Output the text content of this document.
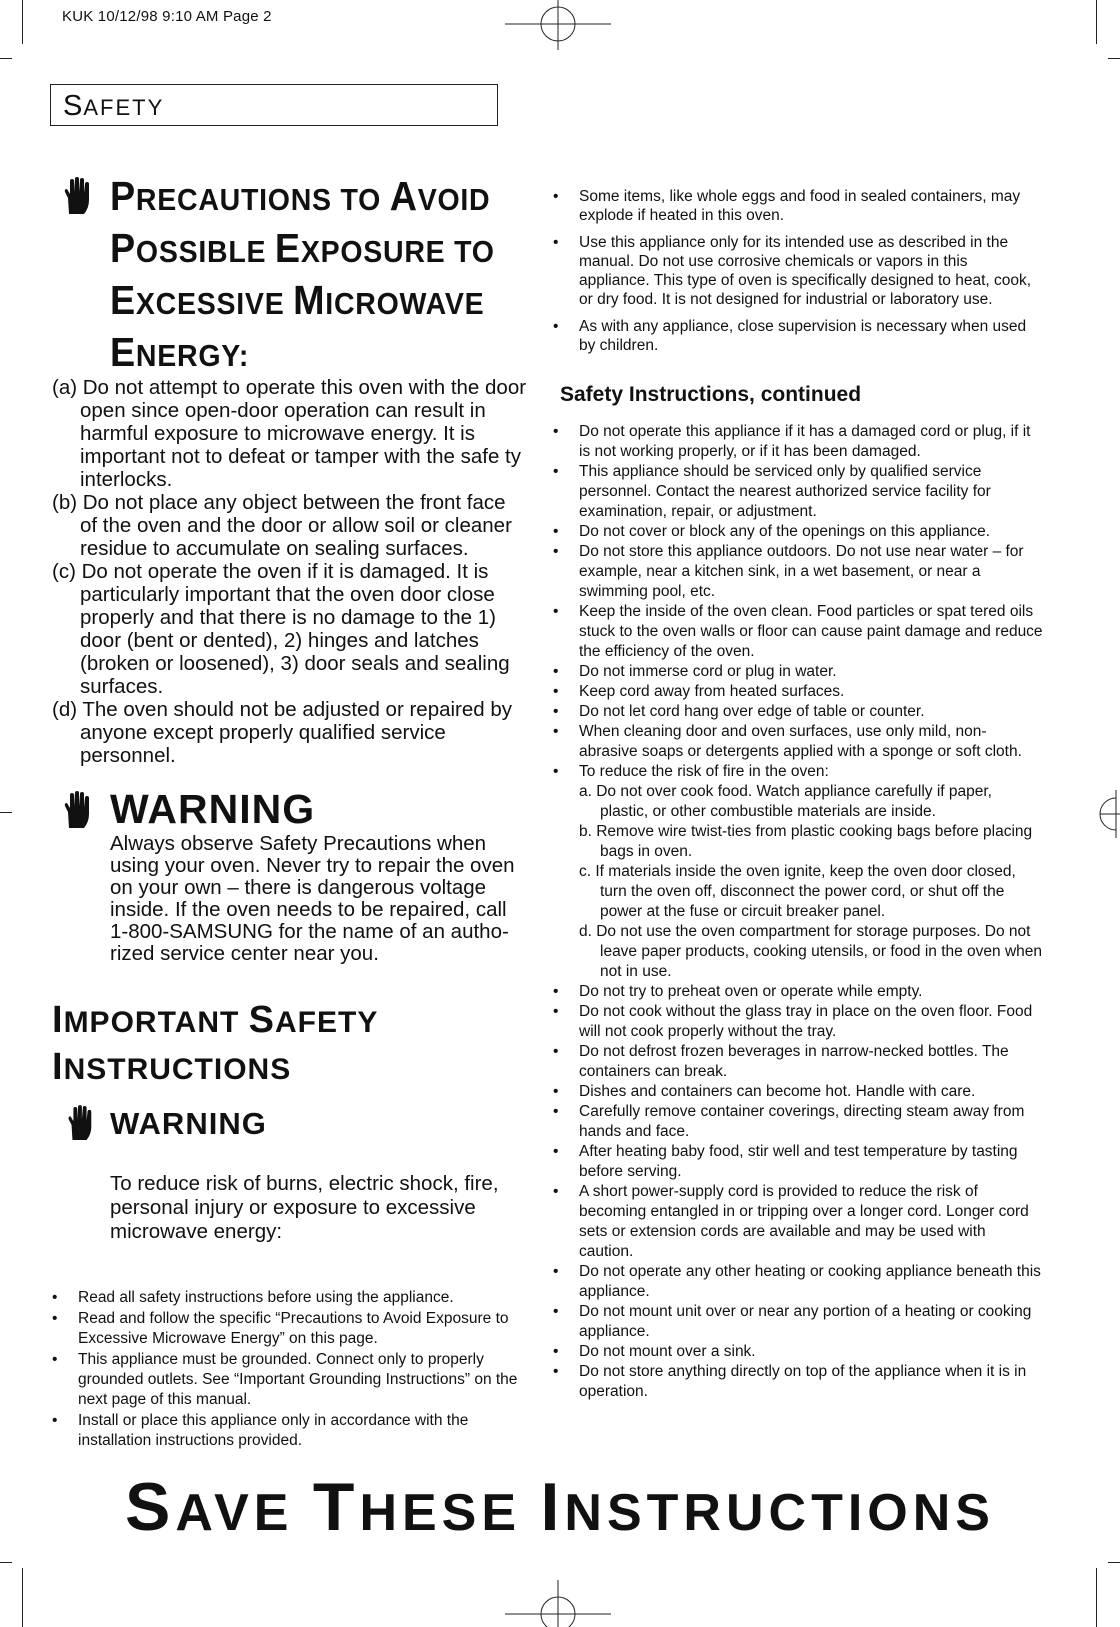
KUK 10/12/98 9:10 AM Page 2
SAFETY
PRECAUTIONS TO AVOID
POSSIBLE EXPOSURE TO
EXCESSIVE MICROWAVE
ENERGY:

(a) Do not attempt to operate this oven with the door open since open-door operation can result in harmful exposure to microwave energy. It is important not to defeat or tamper with the safe ty interlocks.

(b) Do not place any object between the front face of the oven and the door or allow soil or cleaner residue to accumulate on sealing surfaces.

(c) Do not operate the oven if it is damaged. It is particularly important that the oven door close properly and that there is no damage to the 1) door (bent or dented), 2) hinges and latches (broken or loosened), 3) door seals and sealing surfaces.

(d) The oven should not be adjusted or repaired by anyone except properly qualified service personnel.

WARNING
Always observe Safety Precautions when using your oven. Never try to repair the oven on your own – there is dangerous voltage inside. If the oven needs to be repaired, call 1-800-SAMSUNG for the name of an autho- rized service center near you.
IMPORTANT SAFETY
INSTRUCTIONS
WARNING
To reduce risk of burns, electric shock, fire, personal injury or exposure to excessive microwave energy:
• Read all safety instructions before using the appliance.
• Read and follow the specific “Precautions to Avoid Exposure to Excessive Microwave Energy” on this page.
• This appliance must be grounded. Connect only to properly grounded outlets. See “Important Grounding Instructions” on the next page of this manual.
• Install or place this appliance only in accordance with the installation instructions provided.
• Some items, like whole eggs and food in sealed containers, may explode if heated in this oven.
• Use this appliance only for its intended use as described in the manual. Do not use corrosive chemicals or vapors in this appliance. This type of oven is specifically designed to heat, cook, or dry food. It is not designed for industrial or laboratory use.
• As with any appliance, close supervision is necessary when used by children.
Safety Instructions, continued
• Do not operate this appliance if it has a damaged cord or plug, if it is not working properly, or if it has been damaged.
• This appliance should be serviced only by qualified service personnel. Contact the nearest authorized service facility for examination, repair, or adjustment.
• Do not cover or block any of the openings on this appliance.
• Do not store this appliance outdoors. Do not use near water – for example, near a kitchen sink, in a wet basement, or near a swimming pool, etc.
• Keep the inside of the oven clean. Food particles or spat tered oils stuck to the oven walls or floor can cause paint damage and reduce the efficiency of the oven.
• Do not immerse cord or plug in water.
• Keep cord away from heated surfaces.
• Do not let cord hang over edge of table or counter.
• When cleaning door and oven surfaces, use only mild, non-abrasive soaps or detergents applied with a sponge or soft cloth.
• To reduce the risk of fire in the oven:
a. Do not over cook food. Watch appliance carefully if paper, plastic, or other combustible materials are inside.
b. Remove wire twist-ties from plastic cooking bags before placing bags in oven.
c. If materials inside the oven ignite, keep the oven door closed, turn the oven off, disconnect the power cord, or shut off the power at the fuse or circuit breaker panel.
d. Do not use the oven compartment for storage purposes. Do not leave paper products, cooking utensils, or food in the oven when not in use.
• Do not try to preheat oven or operate while empty.
• Do not cook without the glass tray in place on the oven floor. Food will not cook properly without the tray.
• Do not defrost frozen beverages in narrow-necked bottles. The containers can break.
• Dishes and containers can become hot. Handle with care.
• Carefully remove container coverings, directing steam away from hands and face.
• After heating baby food, stir well and test temperature by tasting before serving.
• A short power-supply cord is provided to reduce the risk of becoming entangled in or tripping over a longer cord. Longer cord sets or extension cords are available and may be used with caution.
• Do not operate any other heating or cooking appliance beneath this appliance.
• Do not mount unit over or near any portion of a heating or cooking appliance.
• Do not mount over a sink.
• Do not store anything directly on top of the appliance when it is in operation.
SAVE THESE INSTRUCTIONS
